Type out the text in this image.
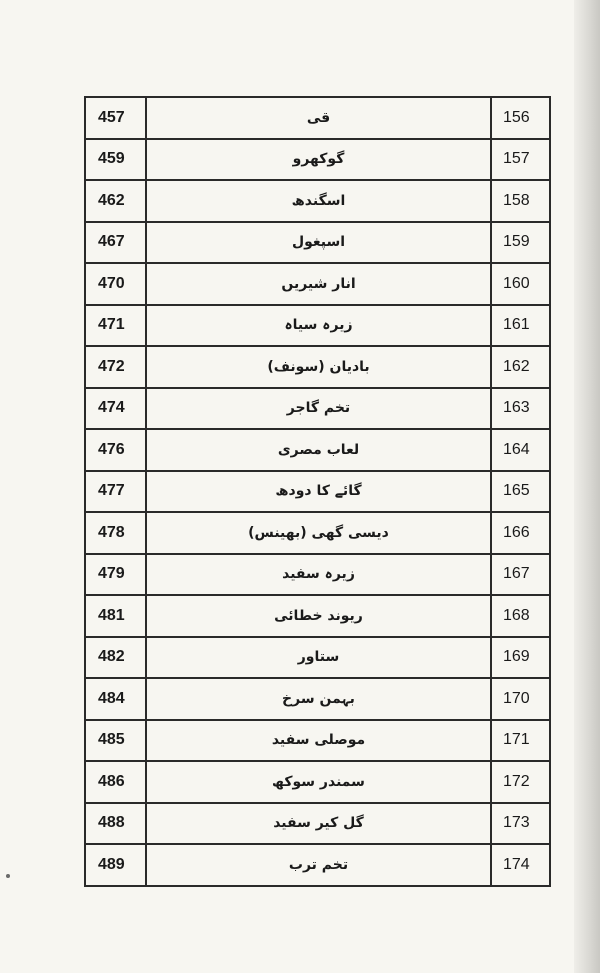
457	قی	156
459	گوکھرو	157
462	اسگندھ	158
467	اسپغول	159
470	انار شیریں	160
471	زیرہ سیاہ	161
472	بادیان (سونف)	162
474	تخم گاجر	163
476	لعاب مصری	164
477	گائے کا دودھ	165
478	دیسی گھی (بھینس)	166
479	زیرہ سفید	167
481	ریوند خطائی	168
482	ستاور	169
484	بہمن سرخ	170
485	موصلی سفید	171
486	سمندر سوکھ	172
488	گل کیر سفید	173
489	تخم ترب	174
